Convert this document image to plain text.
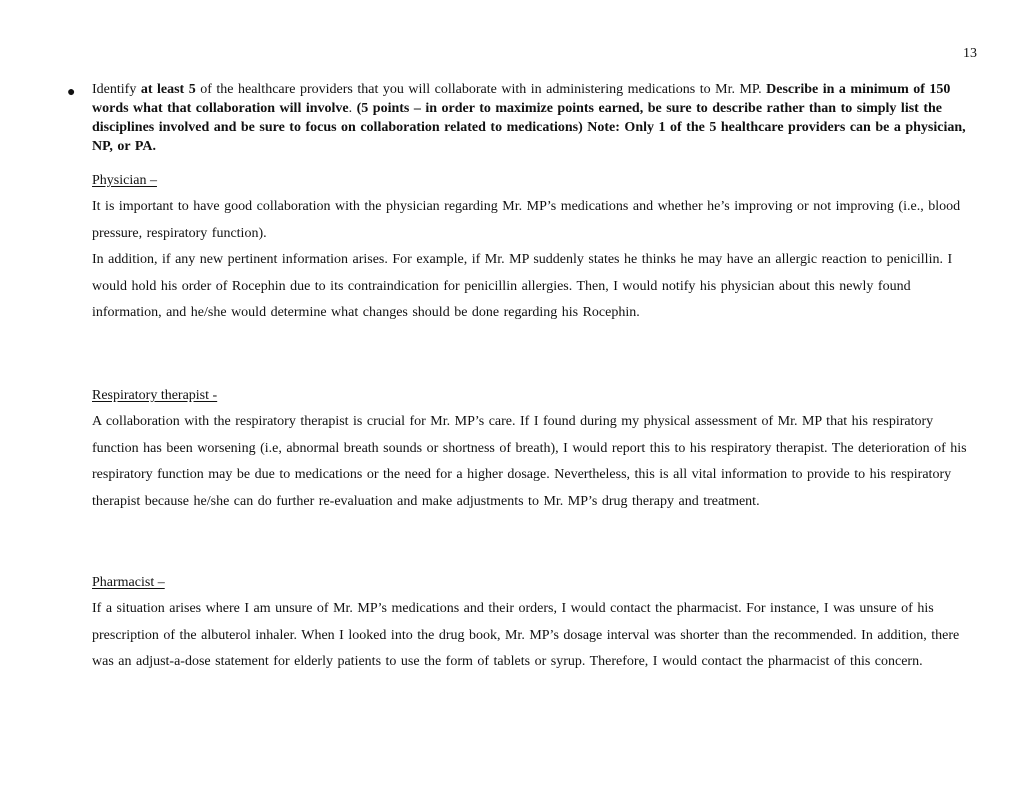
13
● Identify at least 5 of the healthcare providers that you will collaborate with in administering medications to Mr. MP. Describe in a minimum of 150 words what that collaboration will involve. (5 points – in order to maximize points earned, be sure to describe rather than to simply list the disciplines involved and be sure to focus on collaboration related to medications) Note: Only 1 of the 5 healthcare providers can be a physician, NP, or PA.

Physician –

It is important to have good collaboration with the physician regarding Mr. MP’s medications and whether he’s improving or not improving (i.e., blood pressure, respiratory function).

In addition, if any new pertinent information arises. For example, if Mr. MP suddenly states he thinks he may have an allergic reaction to penicillin. I would hold his order of Rocephin due to its contraindication for penicillin allergies. Then, I would notify his physician about this newly found information, and he/she would determine what changes should be done regarding his Rocephin.

Respiratory therapist -

A collaboration with the respiratory therapist is crucial for Mr. MP’s care. If I found during my physical assessment of Mr. MP that his respiratory function has been worsening (i.e, abnormal breath sounds or shortness of breath), I would report this to his respiratory therapist. The deterioration of his respiratory function may be due to medications or the need for a higher dosage. Nevertheless, this is all vital information to provide to his respiratory therapist because he/she can do further re-evaluation and make adjustments to Mr. MP’s drug therapy and treatment.

Pharmacist –

If a situation arises where I am unsure of Mr. MP’s medications and their orders, I would contact the pharmacist. For instance, I was unsure of his prescription of the albuterol inhaler. When I looked into the drug book, Mr. MP’s dosage interval was shorter than the recommended. In addition, there was an adjust-a-dose statement for elderly patients to use the form of tablets or syrup. Therefore, I would contact the pharmacist of this concern.
